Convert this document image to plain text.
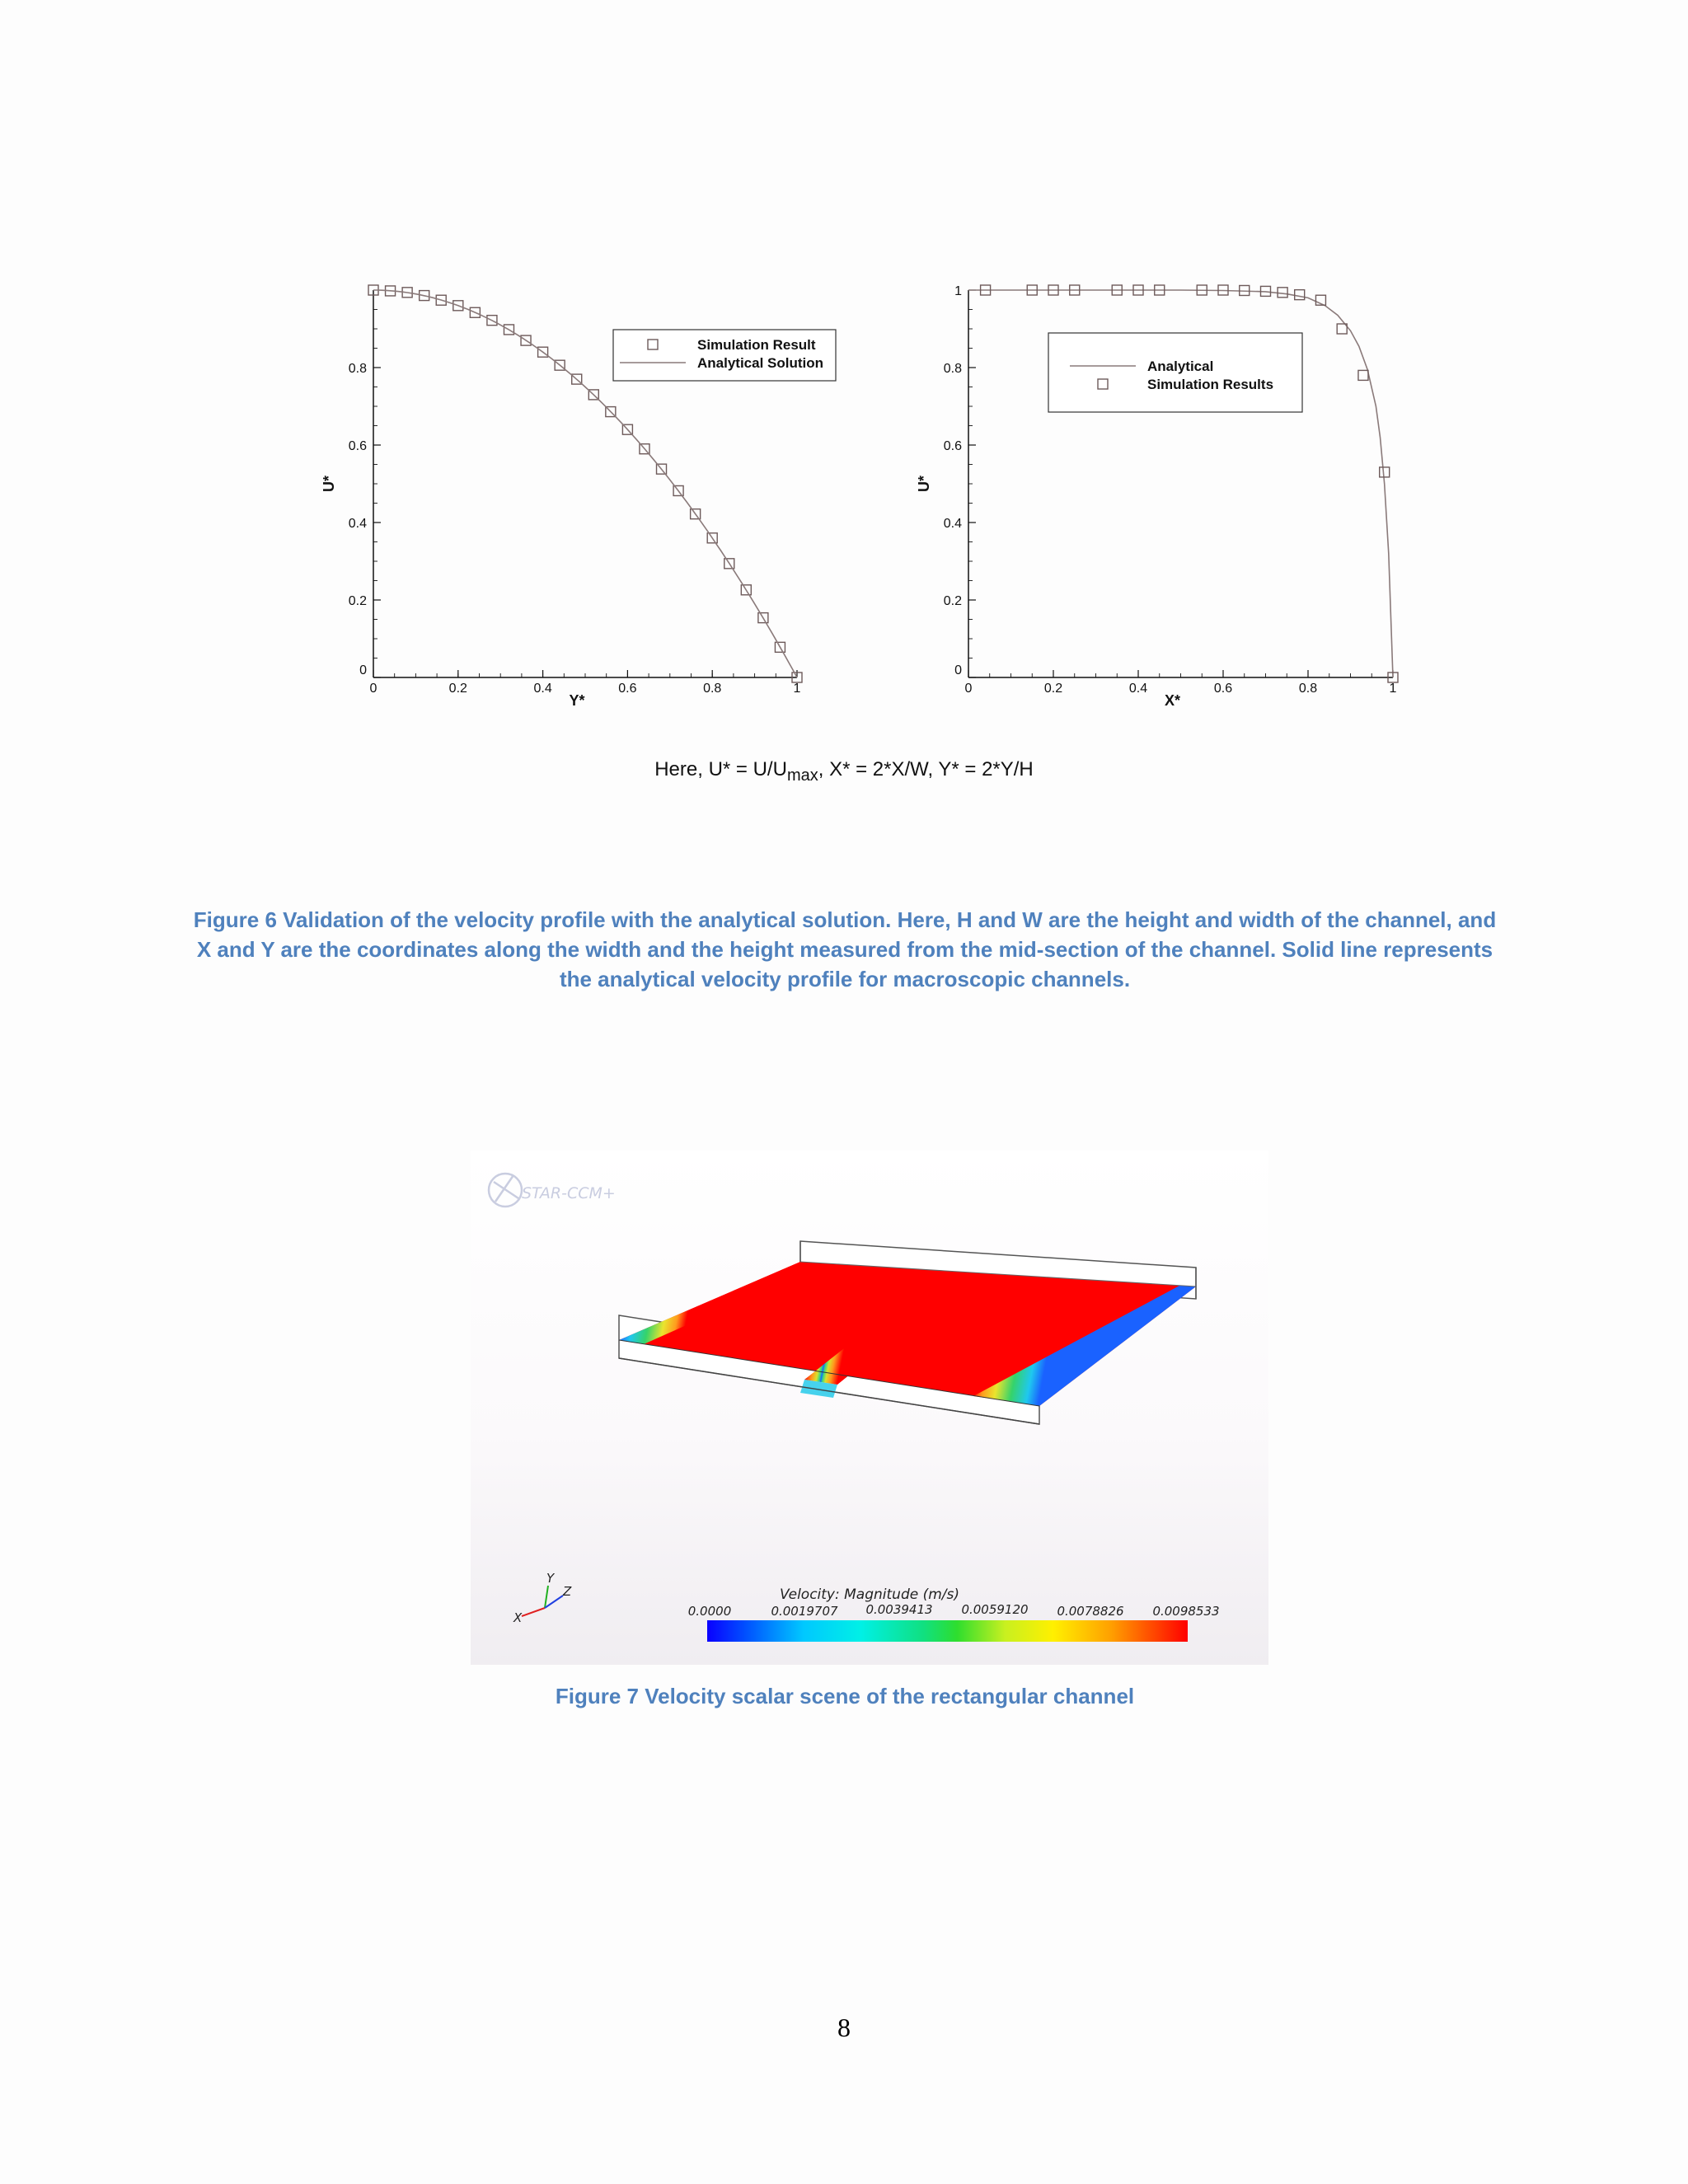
0	0.2	0.4	0.6	0.8	1
0
0.2
0.4
0.6
0.8
Y*
U*
Simulation Result
Analytical Solution
0	0.2	0.4	0.6	0.8	1
0
0.2
0.4
0.6
0.8
1
X*
U*
Analytical
Simulation Results
Here, $U* = U/U_{max}$, X* = 2*X/W, Y* = 2*Y/H
Figure 6 Validation of the velocity profile with the analytical solution. Here, H and W are the height and width of the channel, and X and Y are the coordinates along the width and the height measured from the mid-section of the channel. Solid line represents the analytical velocity profile for macroscopic channels.
STAR-CCM+
X
Y
Z	Velocity: Magnitude (m/s)
0.0000	0.0019707 0.0039413 0.0059120 0.0078826 0.0098533
Figure 7 Velocity scalar scene of the rectangular channel
8
